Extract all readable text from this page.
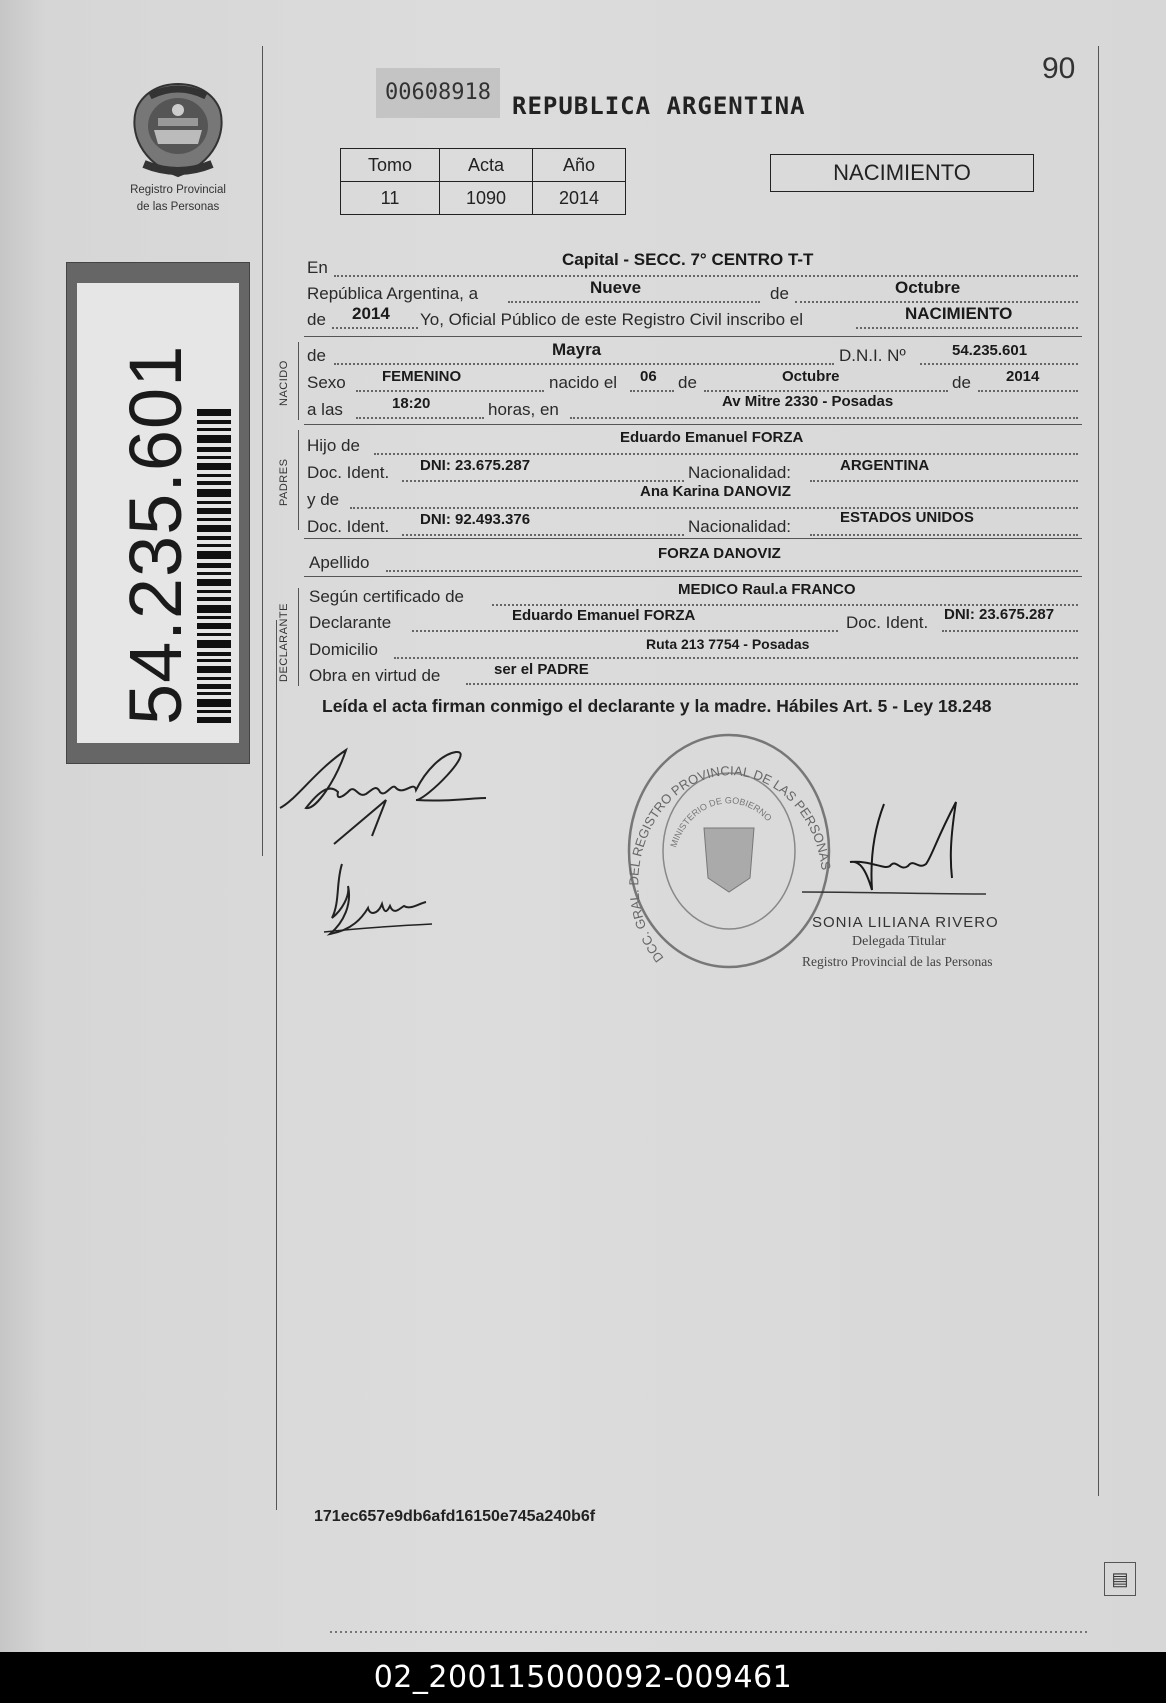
90
Registro Provincial
de las Personas
54.235.601
00608918 REPUBLICA ARGENTINA
Tomo	Acta	Año
11	1090	2014
NACIMIENTO
En	Capital - SECC. 7° CENTRO T-T
República Argentina, a	Nueve	de	Octubre
de 2014 Yo, Oficial Público de este Registro Civil inscribo el	NACIMIENTO
NACIDO
de	Mayra	D.N.I. Nº	54.235.601
Sexo FEMENINO	nacido el 06 de	Octubre	de 2014
a las	18:20	horas, en	Av Mitre 2330 - Posadas
PADRES
Hijo de	Eduardo Emanuel FORZA
Doc. Ident. DNI: 23.675.287	Nacionalidad:	ARGENTINA
y de	Ana Karina DANOVIZ
Doc. Ident. DNI: 92.493.376	Nacionalidad:	ESTADOS UNIDOS
Apellido	FORZA DANOVIZ
DECLARANTE
Según certificado de	MEDICO Raul.a FRANCO
Declarante	Eduardo Emanuel FORZA	Doc. Ident. DNI: 23.675.287
Domicilio	Ruta 213 7754 - Posadas
Obra en virtud de	ser el PADRE
Leída el acta firman conmigo el declarante y la madre. Hábiles Art. 5 - Ley 18.248
DCC. GRAL. DEL REGISTRO PROVINCIAL DE LAS PERSONAS
MINISTERIO DE GOBIERNO
SONIA LILIANA RIVERO
Delegada Titular
Registro Provincial de las Personas
171ec657e9db6afd16150e745a240b6f
▤
02_200115000092-009461
